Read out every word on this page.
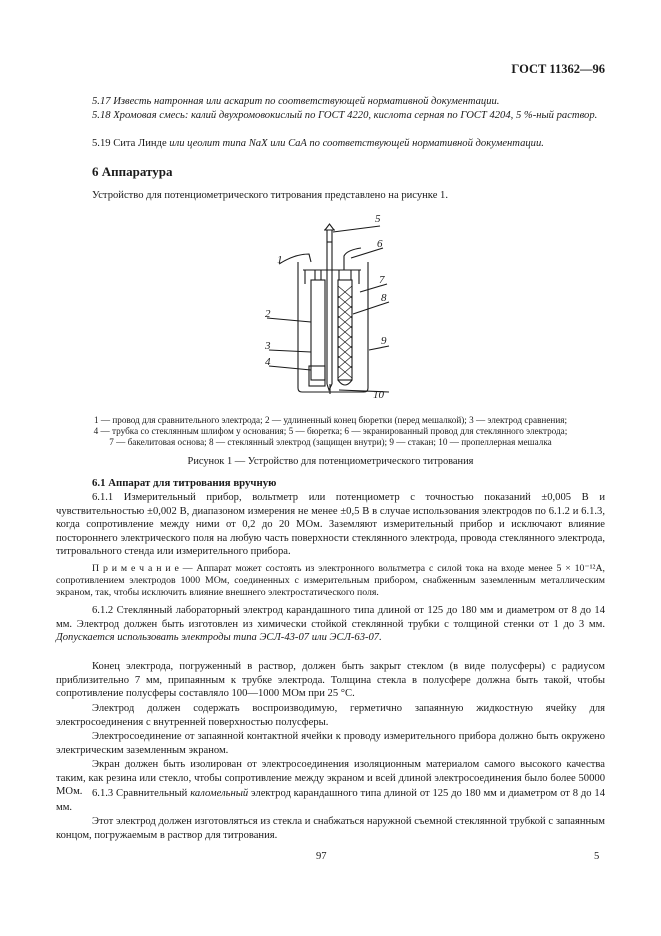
ГОСТ 11362—96
5.17 Известь натронная или аскарит по соответствующей нормативной документации.
5.18 Хромовая смесь: калий двухромовокислый по ГОСТ 4220, кислота серная по ГОСТ 4204, 5 %-ный раствор.
5.19 Сита Линде или цеолит типа NaX или CaA по соответствующей нормативной документации.
6 Аппаратура
Устройство для потенциометрического титрования представлено на рисунке 1.
5
6
1
7
8
2
9
3
4
10
1 — провод для сравнительного электрода; 2 — удлиненный конец бюретки (перед мешалкой); 3 — электрод сравнения;
4 — трубка со стеклянным шлифом у основания; 5 — бюретка; 6 — экранированный провод для стеклянного электрода;
7 — бакелитовая основа; 8 — стеклянный электрод (защищен внутри); 9 — стакан; 10 — пропеллерная мешалка
Рисунок 1 — Устройство для потенциометрического титрования
6.1 Аппарат для титрования вручную
6.1.1 Измерительный прибор, вольтметр или потенциометр с точностью показаний ±0,005 В и чувствительностью ±0,002 В, диапазоном измерения не менее ±0,5 В в случае использования электродов по 6.1.2 и 6.1.3, когда сопротивление между ними от 0,2 до 20 МОм. Заземляют измерительный прибор и исключают влияние постороннего электрического поля на любую часть поверхности стеклянного электрода, провода стеклянного электрода, титровального стенда или измерительного прибора.
П р и м е ч а н и е — Аппарат может состоять из электронного вольтметра с силой тока на входе менее 5 × 10⁻¹²А, сопротивлением электродов 1000 МОм, соединенных с измерительным прибором, снабженным заземленным металлическим экраном, так, чтобы исключить влияние внешнего электростатического поля.
6.1.2 Стеклянный лабораторный электрод карандашного типа длиной от 125 до 180 мм и диаметром от 8 до 14 мм. Электрод должен быть изготовлен из химически стойкой стеклянной трубки с толщиной стенки от 1 до 3 мм. Допускается использовать электроды типа ЭСЛ-43-07 или ЭСЛ-63-07.
Конец электрода, погруженный в раствор, должен быть закрыт стеклом (в виде полусферы) с радиусом приблизительно 7 мм, припаянным к трубке электрода. Толщина стекла в полусфере должна быть такой, чтобы сопротивление полусферы составляло 100—1000 МОм при 25 °С.
Электрод должен содержать воспроизводимую, герметично запаянную жидкостную ячейку для электросоединения с внутренней поверхностью полусферы.
Электросоединение от запаянной контактной ячейки к проводу измерительного прибора должно быть окружено электрическим заземленным экраном.
Экран должен быть изолирован от электросоединения изоляционным материалом самого высокого качества таким, как резина или стекло, чтобы сопротивление между экраном и всей длиной электросоединения было более 50000 МОм. 6.1.3 Сравнительный каломельный электрод карандашного типа длиной от 125 до 180 мм и диаметром от 8 до 14 мм.
Этот электрод должен изготовляться из стекла и снабжаться наружной съемной стеклянной трубкой с запаянным концом, погружаемым в раствор для титрования.
97	5
